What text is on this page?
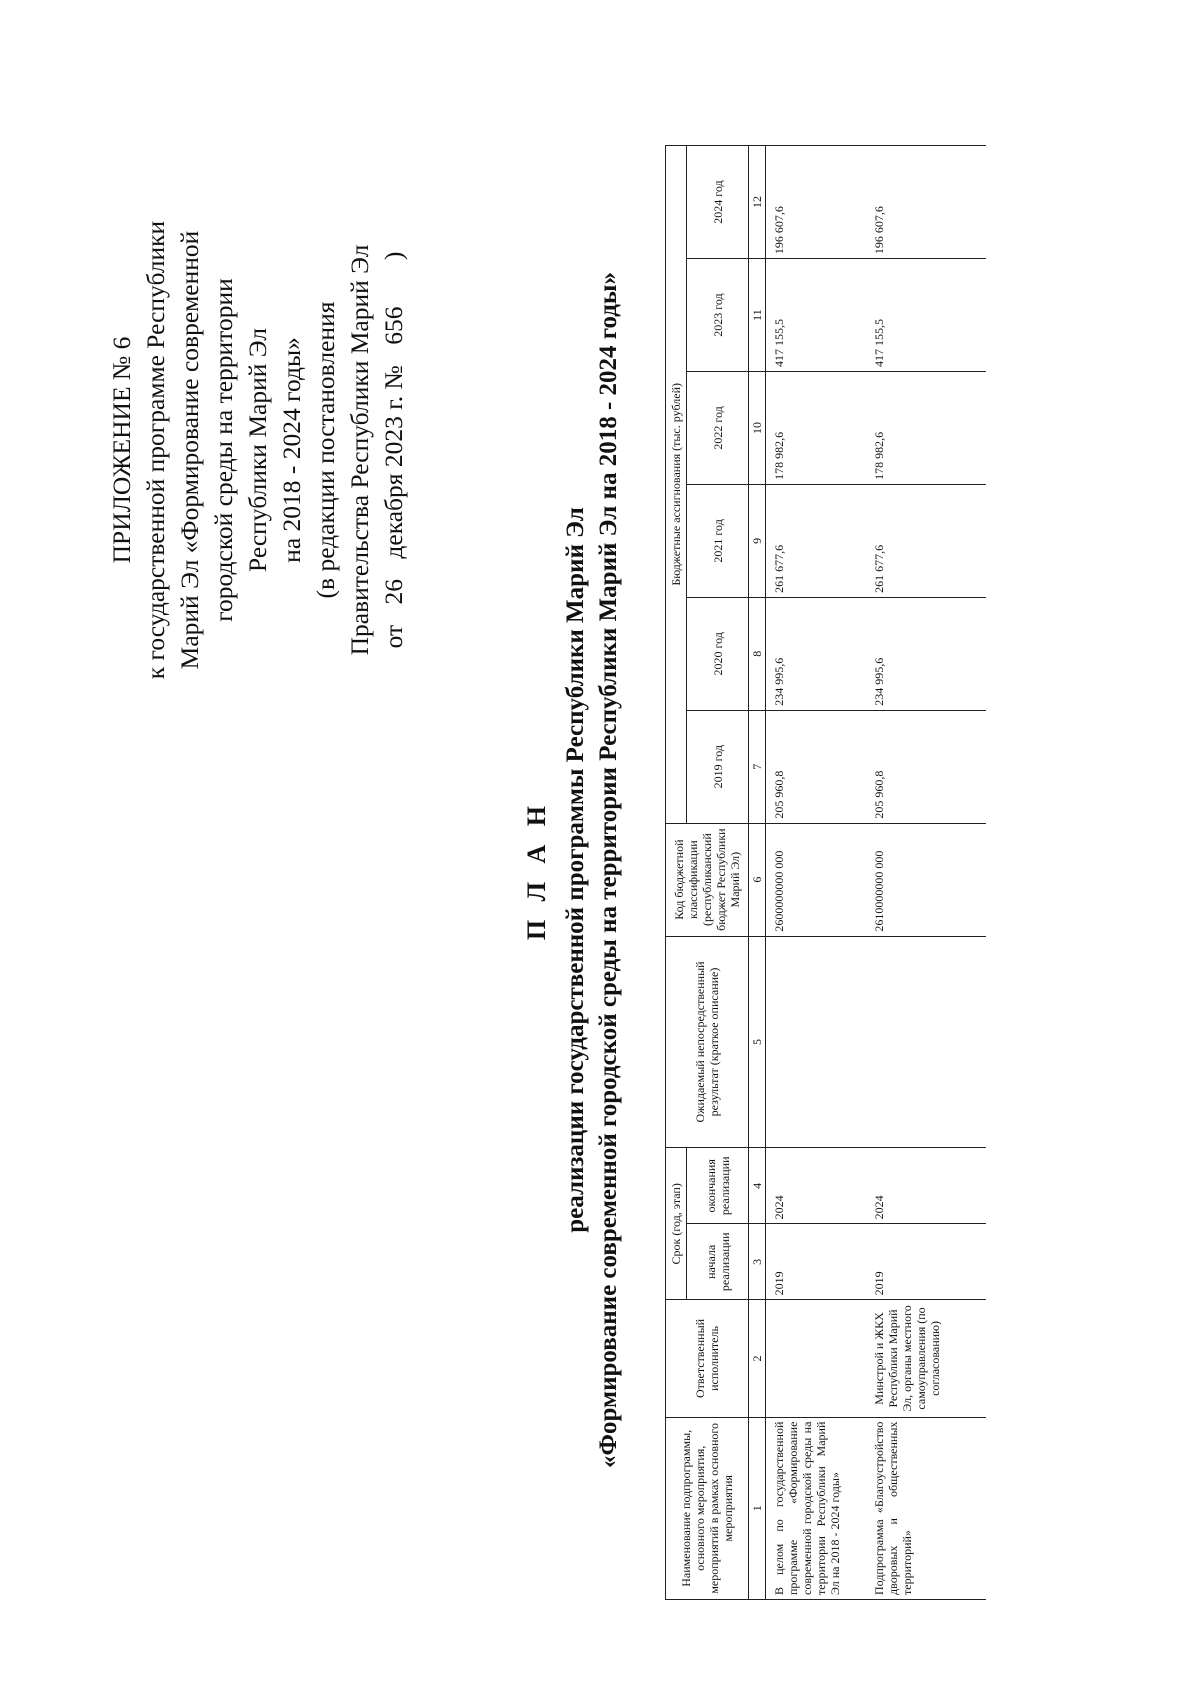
ПРИЛОЖЕНИЕ № 6 к государственной программе Республики Марий Эл «Формирование современной городской среды на территории Республики Марий Эл на 2018 - 2024 годы» (в редакции постановления Правительства Республики Марий Эл от 26 декабря 2023 г. № 656 )
П Л А Н реализации государственной программы Республики Марий Эл «Формирование современной городской среды на территории Республики Марий Эл на 2018 - 2024 годы»
Наименование подпрограммы, основного мероприятия, мероприятий в рамках основного мероприятия	Ответственный исполнитель	Срок (год, этап)		Ожидаемый непосредственный результат (краткое описание)	Код бюджетной классификации (республиканский бюджет Республики Марий Эл)	Бюджетные ассигнования (тыс. рублей)					
		начала реализации	окончания реализации			2019 год	2020 год	2021 год	2022 год	2023 год	2024 год

1	2	3	4	5	6	7	8	9	10	11	12
В целом по государственной программе «Формирование современной городской среды на территории Республики Марий Эл на 2018 - 2024 годы»		2019	2024		2600000000 000	205 960,8	234 995,6	261 677,6	178 982,6	417 155,5	196 607,6
Подпрограмма «Благоустройство дворовых и общественных территорий»	Минстрой и ЖКХ Республики Марий Эл, органы местного самоуправления (по согласованию)	2019	2024		2610000000 000	205 960,8	234 995,6	261 677,6	178 982,6	417 155,5	196 607,6
